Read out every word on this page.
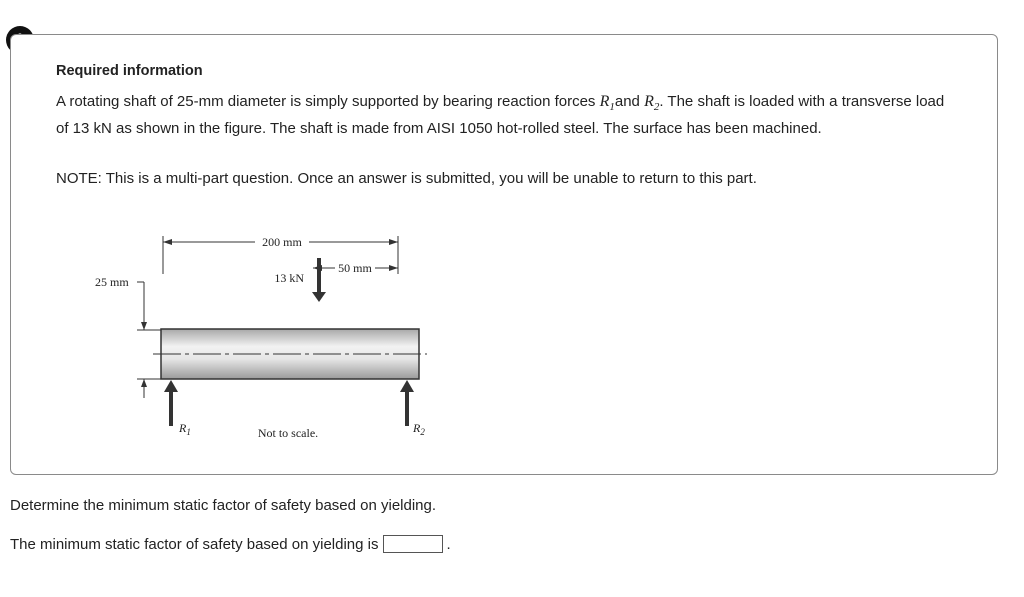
Required information
A rotating shaft of 25-mm diameter is simply supported by bearing reaction forces $R_1and$ $R_2$. The shaft is loaded with a transverse load of 13 kN as shown in the figure. The shaft is made from AISI 1050 hot-rolled steel. The surface has been machined.
NOTE: This is a multi-part question. Once an answer is submitted, you will be unable to return to this part.
200 mm
50 mm
13 kN
25 mm
$R_1$	$R_2$
Not to scale.
Determine the minimum static factor of safety based on yielding.
The minimum static factor of safety based on yielding is	.
